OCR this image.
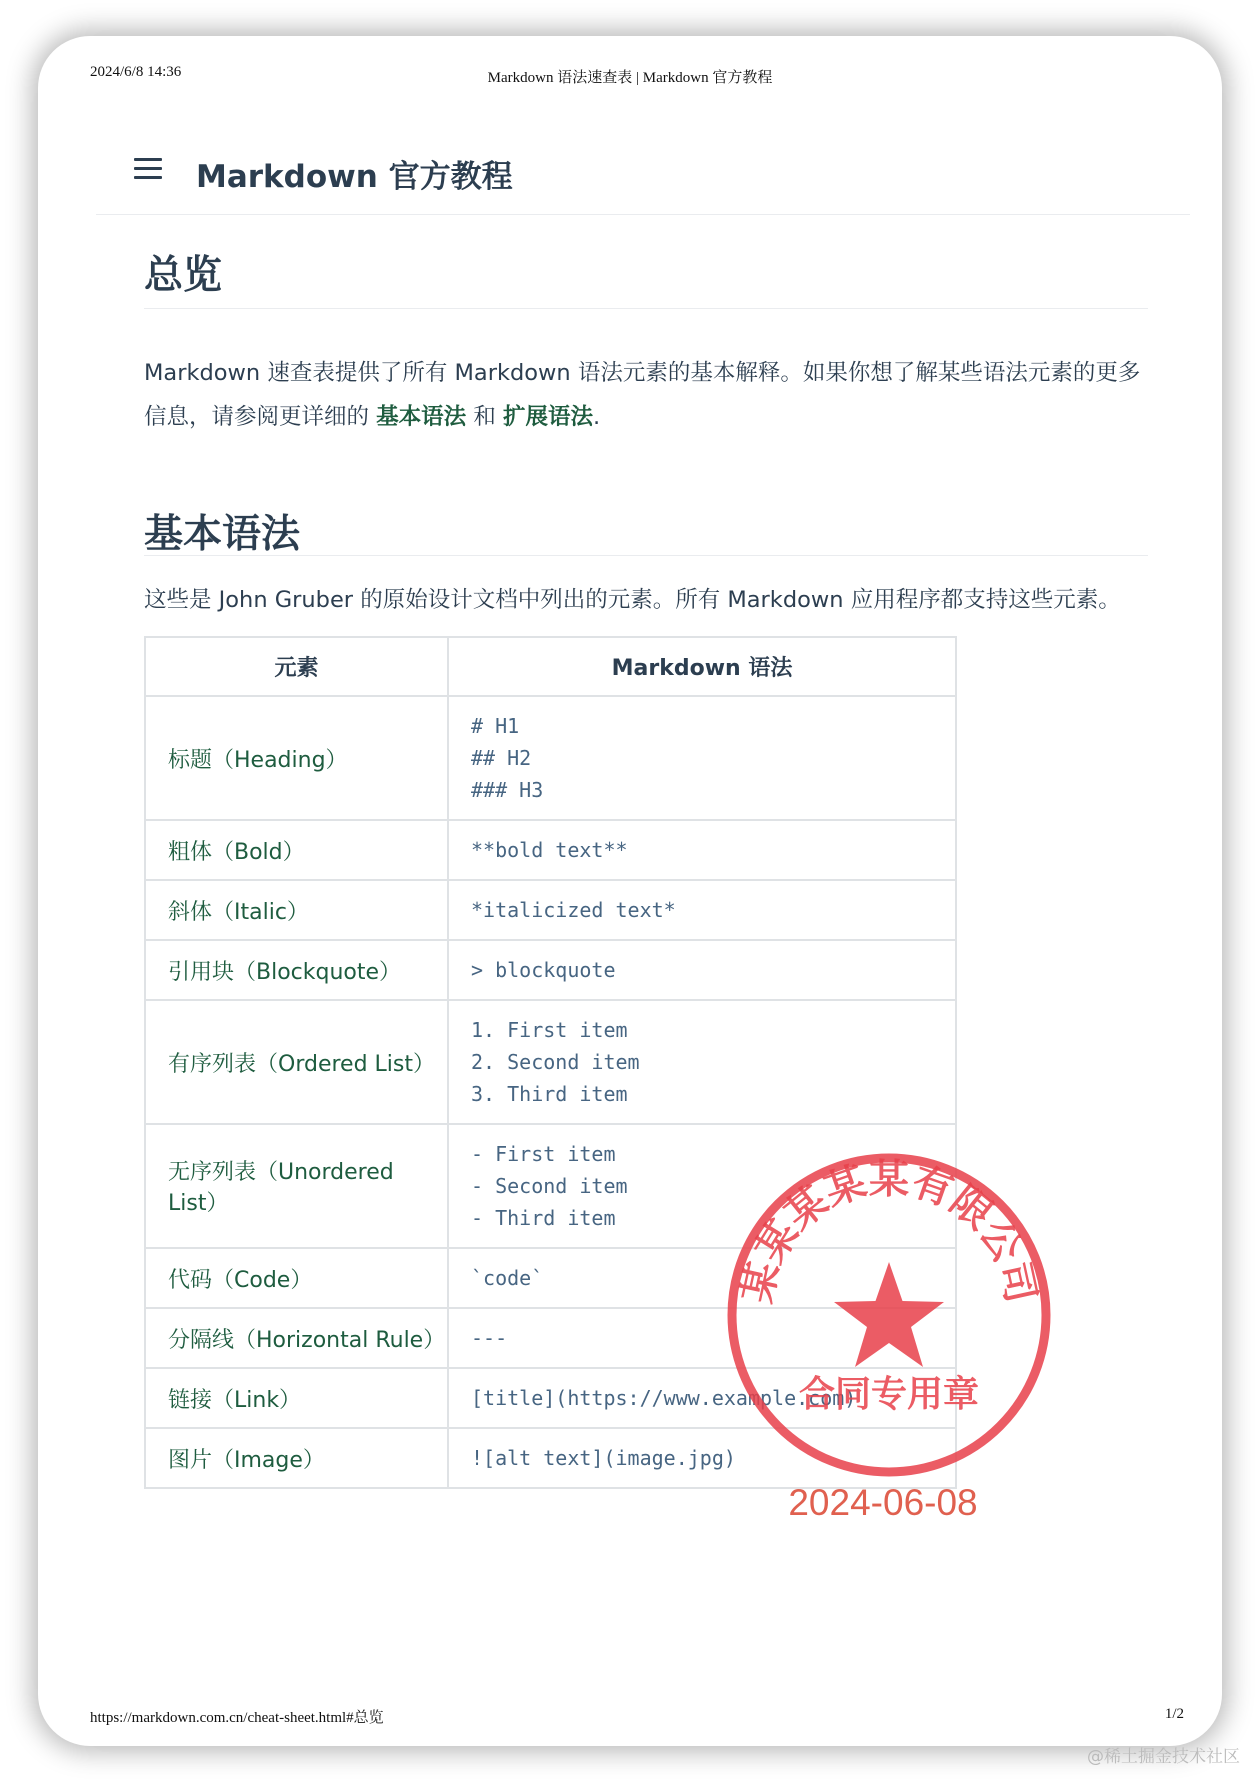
2024/6/8 14:36	Markdown 语法速查表 | Markdown 官方教程
Markdown 官方教程
总览

Markdown 速查表提供了所有 Markdown 语法元素的基本解释。如果你想了解某些语法元素的更多信息，请参阅更详细的 基本语法 和 扩展语法.

基本语法

这些是 John Gruber 的原始设计文档中列出的元素。所有 Markdown 应用程序都支持这些元素。

元素	Markdown 语法
标题（Heading）	# H1
## H2
### H3

粗体（Bold）	**bold text**

斜体（Italic）	*italicized text*

引用块（Blockquote）	> blockquote

有序列表（Ordered List）	1. First item
2. Second item
3. Third item

无序列表（Unordered List）	- First item
- Second item
- Third item

代码（Code）	`code`

分隔线（Horizontal Rule）	---

链接（Link）	[title](https://www.example.com)

图片（Image）	![alt text](image.jpg)
某某某某某有限公司
合同专用章
2024-06-08
https://markdown.com.cn/cheat-sheet.html#总览	1/2
@稀土掘金技术社区
